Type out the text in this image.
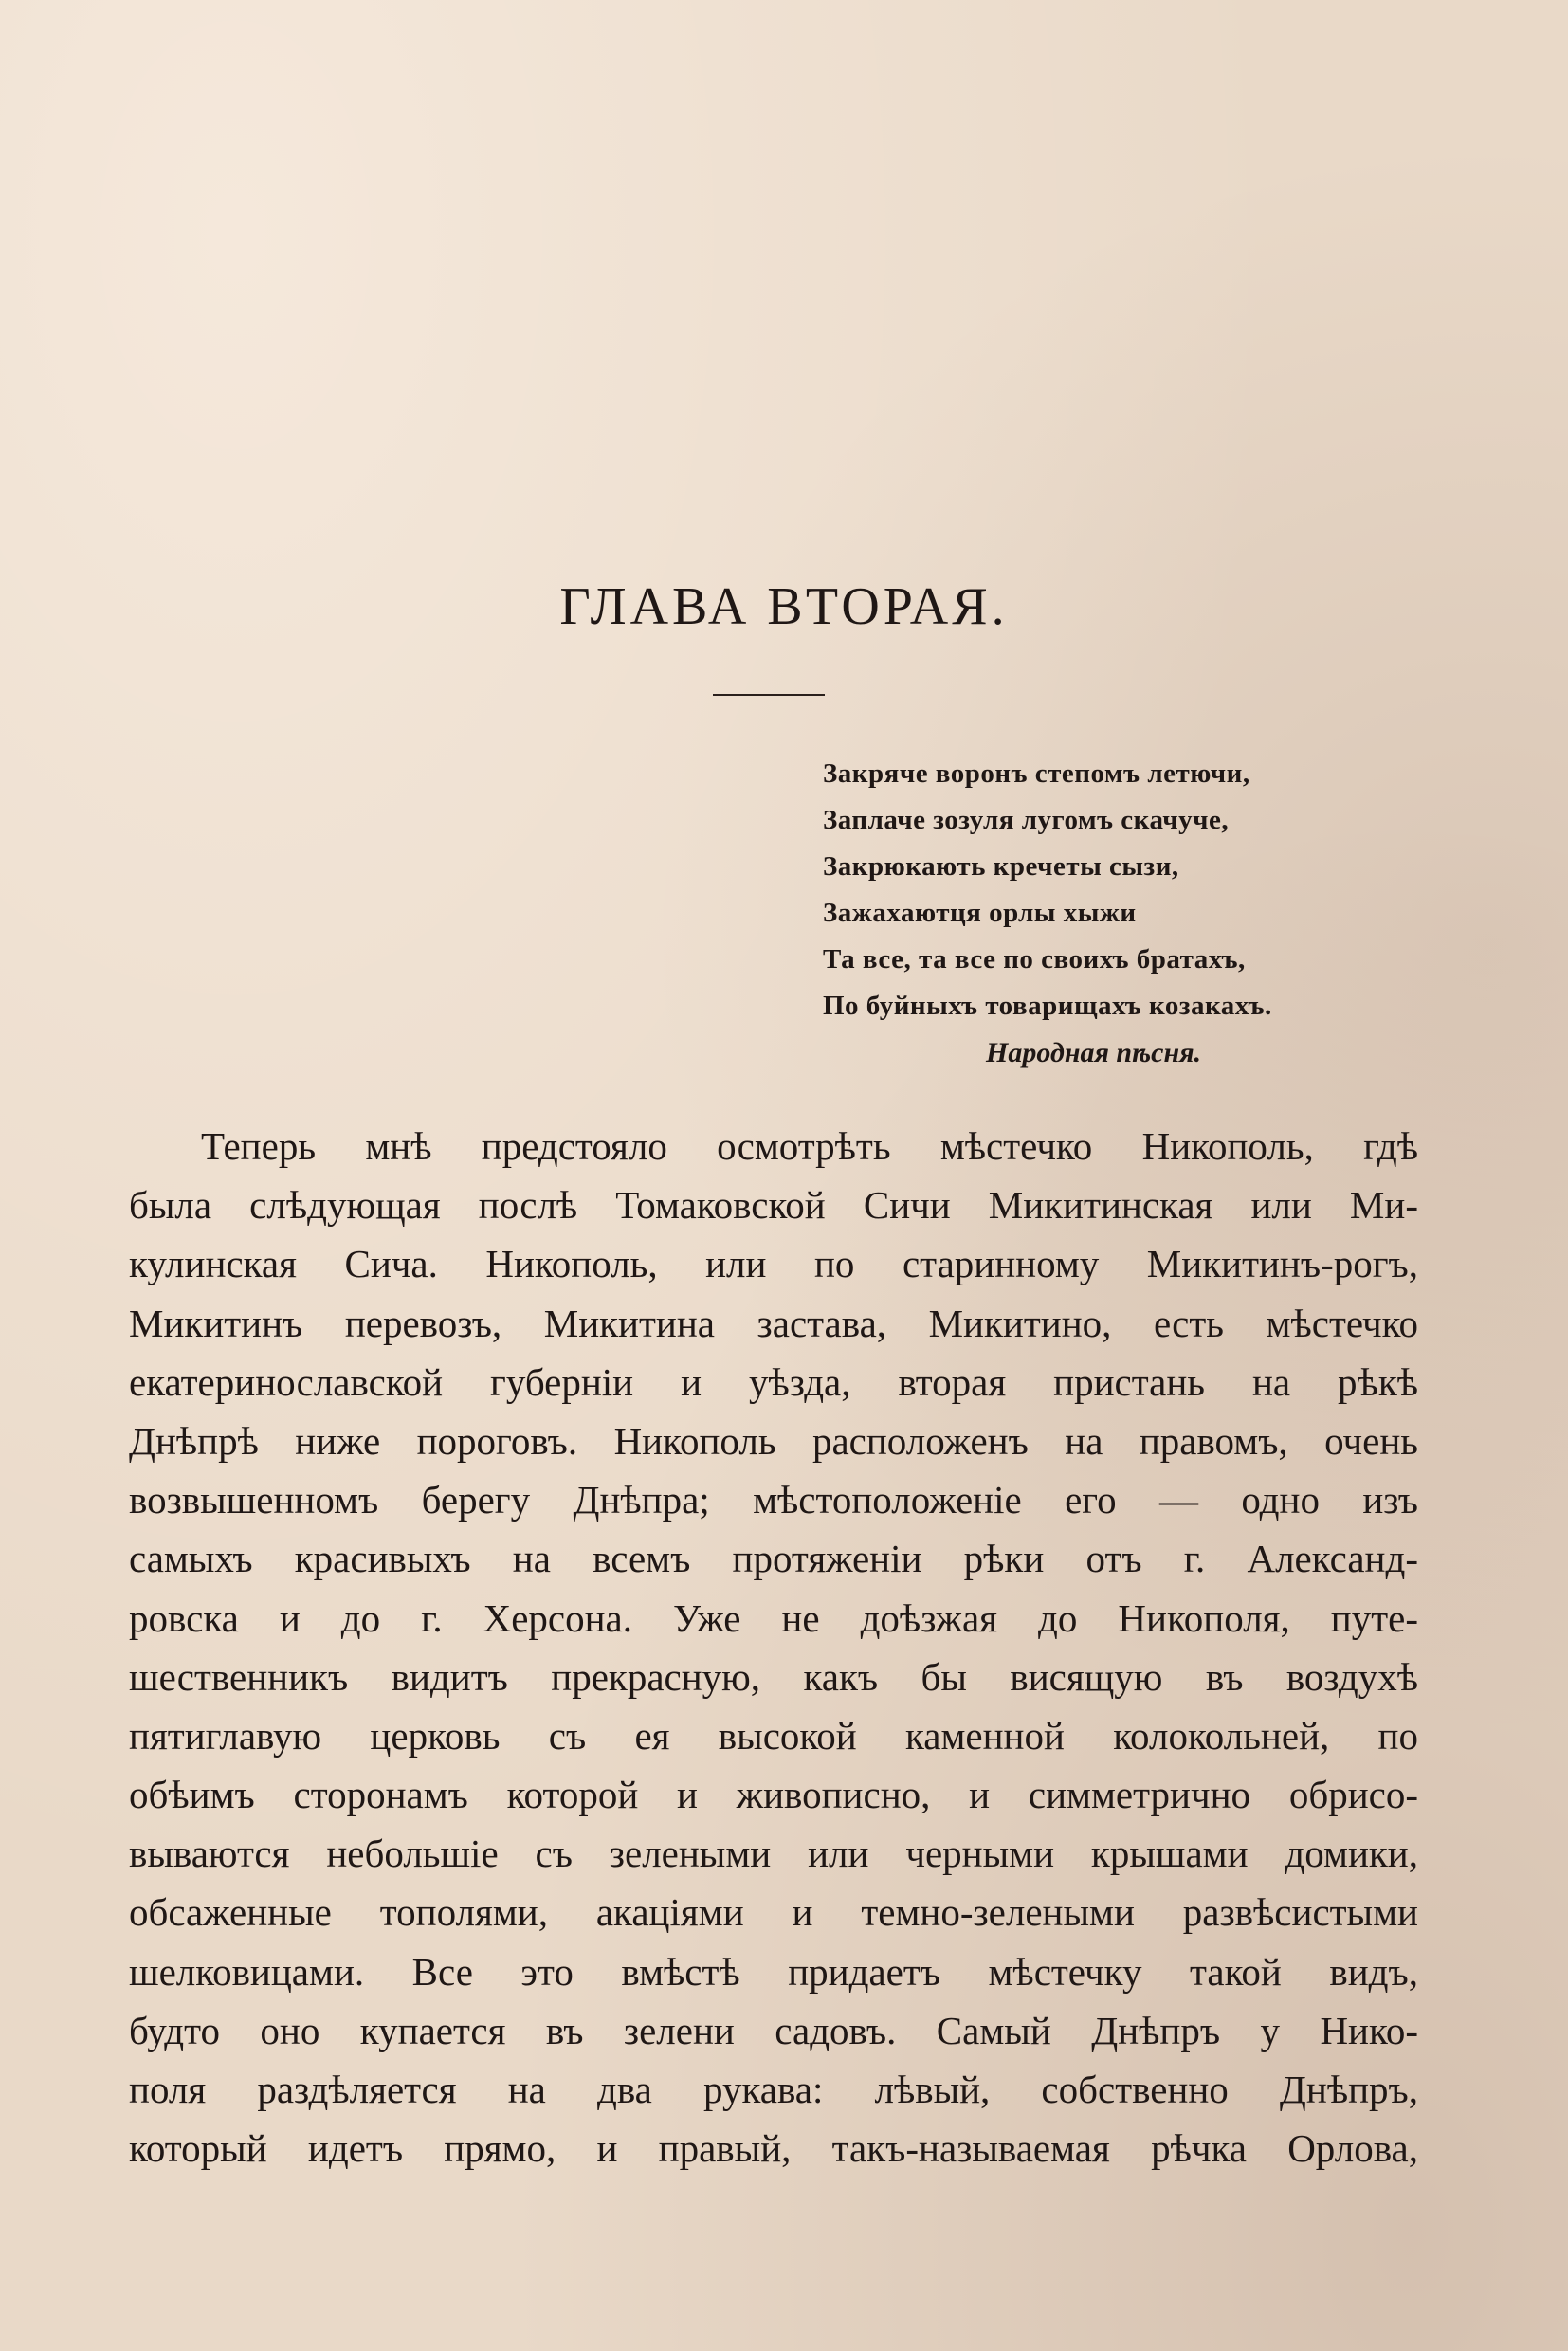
ГЛАВА ВТОРАЯ.
Закряче воронъ степомъ летючи,
Заплаче зозуля лугомъ скачуче,
Закрюкають кречеты сызи,
Зажахаютця орлы хыжи
Та все, та все по своихъ братахъ,
По буйныхъ товарищахъ козакахъ.
Народная пѣсня.
Теперь мнѣ предстояло осмотрѣть мѣстечко Никополь, гдѣ
была слѣдующая послѣ Томаковской Сичи Микитинская или Ми-
кулинская Сича. Никополь, или по старинному Микитинъ-рогъ,
Микитинъ перевозъ, Микитина застава, Микитино, есть мѣстечко
екатеринославской губерніи и уѣзда, вторая пристань на рѣкѣ
Днѣпрѣ ниже пороговъ. Никополь расположенъ на правомъ, очень
возвышенномъ берегу Днѣпра; мѣстоположеніе его — одно изъ
самыхъ красивыхъ на всемъ протяженіи рѣки отъ г. Александ-
ровска и до г. Херсона. Уже не доѣзжая до Никополя, путе-
шественникъ видитъ прекрасную, какъ бы висящую въ воздухѣ
пятиглавую церковь съ ея высокой каменной колокольней, по
обѣимъ сторонамъ которой и живописно, и симметрично обрисо-
вываются небольшіе съ зелеными или черными крышами домики,
обсаженные тополями, акаціями и темно-зелеными развѣсистыми
шелковицами. Все это вмѣстѣ придаетъ мѣстечку такой видъ,
будто оно купается въ зелени садовъ. Самый Днѣпръ у Нико-
поля раздѣляется на два рукава: лѣвый, собственно Днѣпръ,
который идетъ прямо, и правый, такъ-называемая рѣчка Орлова,
